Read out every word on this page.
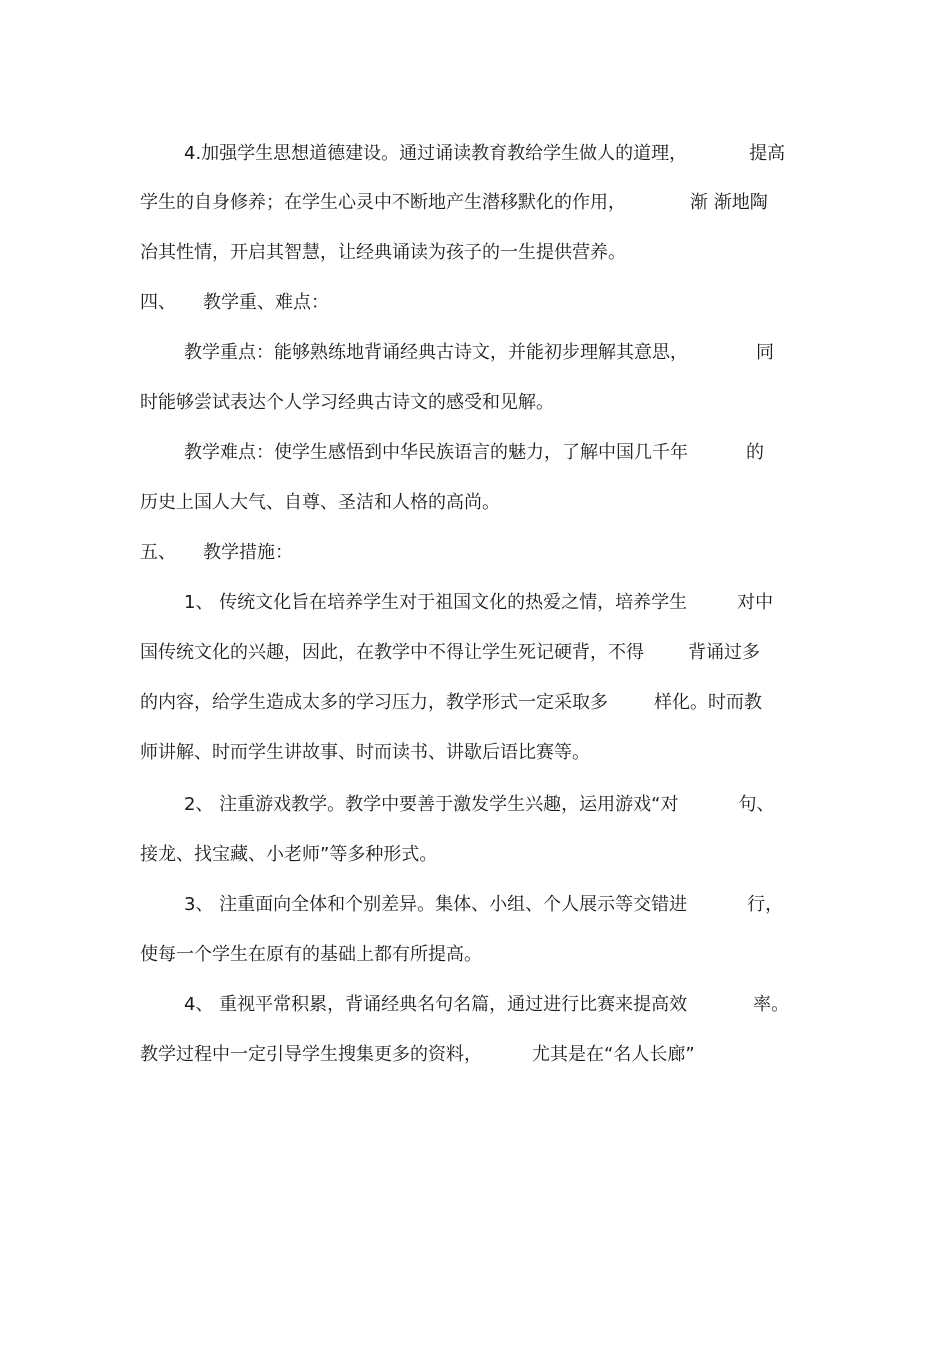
4.加强学生思想道德建设。通过诵读教育教给学生做人的道理，	提高
学生的自身修养；在学生心灵中不断地产生潜移默化的作用，	渐 渐地陶
冶其性情，开启其智慧，让经典诵读为孩子的一生提供营养。
四、 教学重、难点：
教学重点：能够熟练地背诵经典古诗文，并能初步理解其意思，	同
时能够尝试表达个人学习经典古诗文的感受和见解。
教学难点：使学生感悟到中华民族语言的魅力，了解中国几千年	的
历史上国人大气、自尊、圣洁和人格的高尚。
五、 教学措施：
1、 传统文化旨在培养学生对于祖国文化的热爱之情，培养学生	对中
国传统文化的兴趣，因此，在教学中不得让学生死记硬背，不得 背诵过多
的内容，给学生造成太多的学习压力，教学形式一定采取多	样化。时而教
师讲解、时而学生讲故事、时而读书、讲歇后语比赛等。
2、 注重游戏教学。教学中要善于激发学生兴趣，运用游戏“对	句、
接龙、找宝藏、小老师”等多种形式。
3、 注重面向全体和个别差异。集体、小组、个人展示等交错进	行，
使每一个学生在原有的基础上都有所提高。
4、 重视平常积累，背诵经典名句名篇，通过进行比赛来提高效	率。
教学过程中一定引导学生搜集更多的资料，	尤其是在“名人长廊”
